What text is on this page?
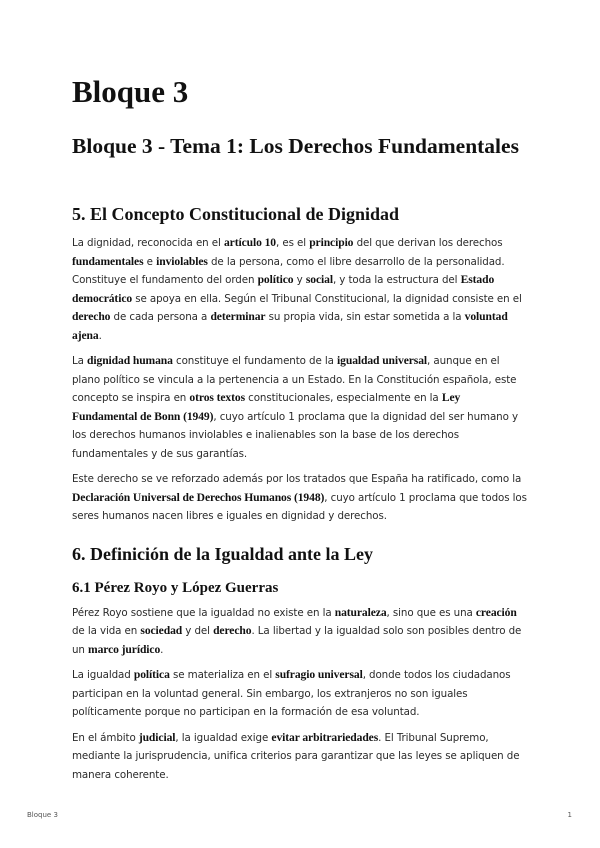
Bloque 3
Bloque 3 - Tema 1: Los Derechos Fundamentales
5. El Concepto Constitucional de Dignidad

La dignidad, reconocida en el artículo 10, es el principio del que derivan los derechos fundamentales e inviolables de la persona, como el libre desarrollo de la personalidad. Constituye el fundamento del orden político y social, y toda la estructura del Estado democrático se apoya en ella. Según el Tribunal Constitucional, la dignidad consiste en el derecho de cada persona a determinar su propia vida, sin estar sometida a la voluntad ajena.

La dignidad humana constituye el fundamento de la igualdad universal, aunque en el plano político se vincula a la pertenencia a un Estado. En la Constitución española, este concepto se inspira en otros textos constitucionales, especialmente en la Ley Fundamental de Bonn (1949), cuyo artículo 1 proclama que la dignidad del ser humano y los derechos humanos inviolables e inalienables son la base de los derechos fundamentales y de sus garantías.

Este derecho se ve reforzado además por los tratados que España ha ratificado, como la Declaración Universal de Derechos Humanos (1948), cuyo artículo 1 proclama que todos los seres humanos nacen libres e iguales en dignidad y derechos.

6. Definición de la Igualdad ante la Ley
6.1 Pérez Royo y López Guerras

Pérez Royo sostiene que la igualdad no existe en la naturaleza, sino que es una creación de la vida en sociedad y del derecho. La libertad y la igualdad solo son posibles dentro de un marco jurídico.

La igualdad política se materializa en el sufragio universal, donde todos los ciudadanos participan en la voluntad general. Sin embargo, los extranjeros no son iguales políticamente porque no participan en la formación de esa voluntad.

En el ámbito judicial, la igualdad exige evitar arbitrariedades. El Tribunal Supremo, mediante la jurisprudencia, unifica criterios para garantizar que las leyes se apliquen de manera coherente.

Bloque 3	1
